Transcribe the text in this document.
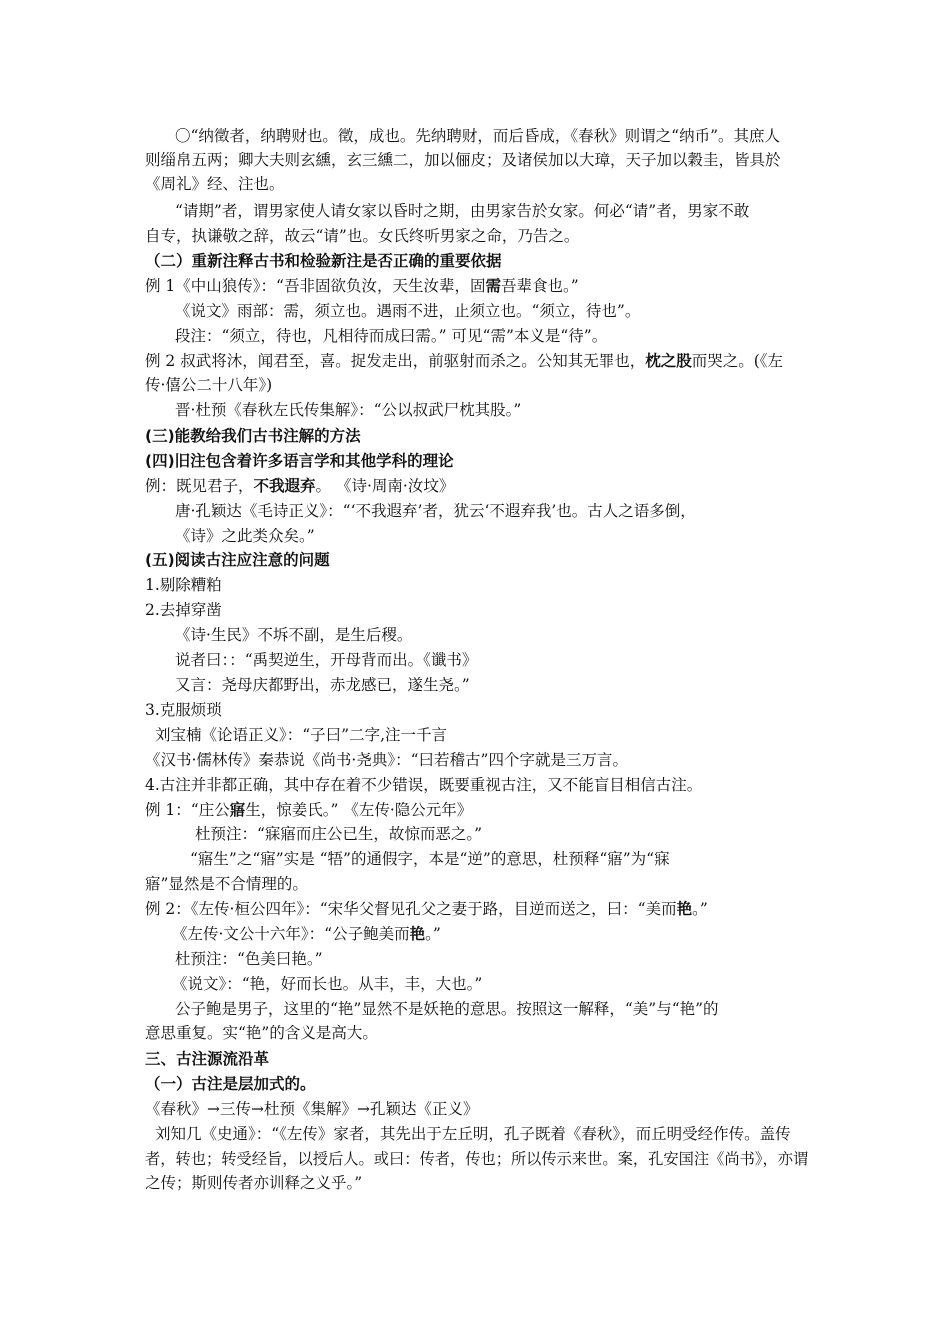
〇“纳徵者，纳聘财也。徵，成也。先纳聘财，而后昏成，《春秋》则谓之“纳币”。其庶人
则缁帛五两；卿大夫则玄纁，玄三纁二，加以俪皮；及诸侯加以大璋，天子加以穀圭，皆具於
《周礼》经、注也。
“请期”者，谓男家使人请女家以昏时之期，由男家告於女家。何必“请”者，男家不敢
自专，执谦敬之辞，故云“请”也。女氏终听男家之命，乃告之。
（二）重新注释古书和检验新注是否正确的重要依据
例 1《中山狼传》：“吾非固欲负汝，天生汝辈，固需吾辈食也。”
《说文》雨部：需，须立也。遇雨不进，止须立也。“须立，待也”。
段注：“须立，待也，凡相待而成曰需。” 可见“需”本义是“待”。
例 2 叔武将沐，闻君至，喜。捉发走出，前驱射而杀之。公知其无罪也，枕之股而哭之。(《左
传·僖公二十八年》)
晋·杜预《春秋左氏传集解》：“公以叔武尸枕其股。”
(三)能教给我们古书注解的方法
(四)旧注包含着许多语言学和其他学科的理论
例：既见君子，不我遐弃。 《诗·周南·汝坟》
唐·孔颖达《毛诗正义》：“‘不我遐弃’者，犹云‘不遐弃我’也。古人之语多倒，
《诗》之此类众矣。”
(五)阅读古注应注意的问题
1.剔除糟粕
2.去掉穿凿
《诗·生民》不坼不副，是生后稷。
说者曰：：“禹契逆生，开母背而出。《谶书》
又言：尧母庆都野出，赤龙感已，遂生尧。”
3.克服烦琐
刘宝楠《论语正义》：“子曰”二字,注一千言
《汉书·儒林传》秦恭说《尚书·尧典》：“曰若稽古”四个字就是三万言。
4.古注并非都正确，其中存在着不少错误，既要重视古注，又不能盲目相信古注。
例 1：“庄公寤生，惊姜氏。” 《左传·隐公元年》
杜预注：“寐寤而庄公已生，故惊而恶之。”
“寤生”之“寤”实是 “牾”的通假字，本是“逆”的意思，杜预释“寤”为“寐
寤”显然是不合情理的。
例 2：《左传·桓公四年》：“宋华父督见孔父之妻于路，目逆而送之，曰：“美而艳。”
《左传·文公十六年》：“公子鲍美而艳。”
杜预注：“色美曰艳。”
《说文》：“艳，好而长也。从丰，丰，大也。”
公子鲍是男子，这里的“艳”显然不是妖艳的意思。按照这一解释，“美”与“艳”的
意思重复。实“艳”的含义是高大。
三、古注源流沿革
（一）古注是层加式的。
《春秋》→三传→杜预《集解》→孔颖达《正义》
刘知几《史通》：“《左传》家者，其先出于左丘明，孔子既着《春秋》，而丘明受经作传。盖传
者，转也；转受经旨，以授后人。或曰：传者，传也；所以传示来世。案，孔安国注《尚书》，亦谓
之传；斯则传者亦训释之义乎。”
